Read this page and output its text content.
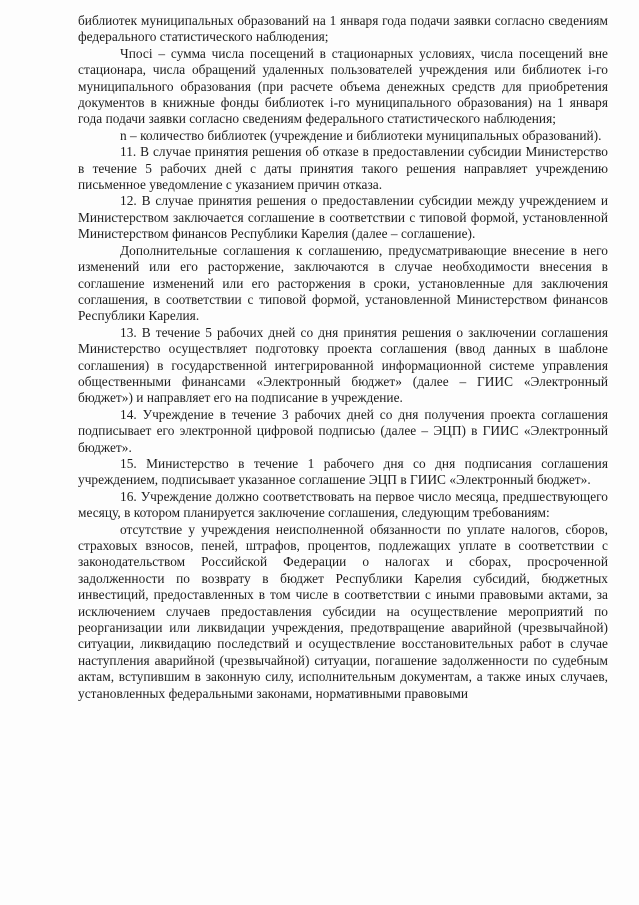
библиотек муниципальных образований на 1 января года подачи заявки согласно сведениям федерального статистического наблюдения;

Чпосі – сумма числа посещений в стационарных условиях, числа посещений вне стационара, числа обращений удаленных пользователей учреждения или библиотек i-го муниципального образования (при расчете объема денежных средств для приобретения документов в книжные фонды библиотек i-го муниципального образования) на 1 января года подачи заявки согласно сведениям федерального статистического наблюдения;

n – количество библиотек (учреждение и библиотеки муниципальных образований).

11. В случае принятия решения об отказе в предоставлении субсидии Министерство в течение 5 рабочих дней с даты принятия такого решения направляет учреждению письменное уведомление с указанием причин отказа.

12. В случае принятия решения о предоставлении субсидии между учреждением и Министерством заключается соглашение в соответствии с типовой формой, установленной Министерством финансов Республики Карелия (далее – соглашение).

Дополнительные соглашения к соглашению, предусматривающие внесение в него изменений или его расторжение, заключаются в случае необходимости внесения в соглашение изменений или его расторжения в сроки, установленные для заключения соглашения, в соответствии с типовой формой, установленной Министерством финансов Республики Карелия.

13. В течение 5 рабочих дней со дня принятия решения о заключении соглашения Министерство осуществляет подготовку проекта соглашения (ввод данных в шаблоне соглашения) в государственной интегрированной информационной системе управления общественными финансами «Электронный бюджет» (далее – ГИИС «Электронный бюджет») и направляет его на подписание в учреждение.

14. Учреждение в течение 3 рабочих дней со дня получения проекта соглашения подписывает его электронной цифровой подписью (далее – ЭЦП) в ГИИС «Электронный бюджет».

15. Министерство в течение 1 рабочего дня со дня подписания соглашения учреждением, подписывает указанное соглашение ЭЦП в ГИИС «Электронный бюджет».

16. Учреждение должно соответствовать на первое число месяца, предшествующего месяцу, в котором планируется заключение соглашения, следующим требованиям:

отсутствие у учреждения неисполненной обязанности по уплате налогов, сборов, страховых взносов, пеней, штрафов, процентов, подлежащих уплате в соответствии с законодательством Российской Федерации о налогах и сборах, просроченной задолженности по возврату в бюджет Республики Карелия субсидий, бюджетных инвестиций, предоставленных в том числе в соответствии с иными правовыми актами, за исключением случаев предоставления субсидии на осуществление мероприятий по реорганизации или ликвидации учреждения, предотвращение аварийной (чрезвычайной) ситуации, ликвидацию последствий и осуществление восстановительных работ в случае наступления аварийной (чрезвычайной) ситуации, погашение задолженности по судебным актам, вступившим в законную силу, исполнительным документам, а также иных случаев, установленных федеральными законами, нормативными правовыми
